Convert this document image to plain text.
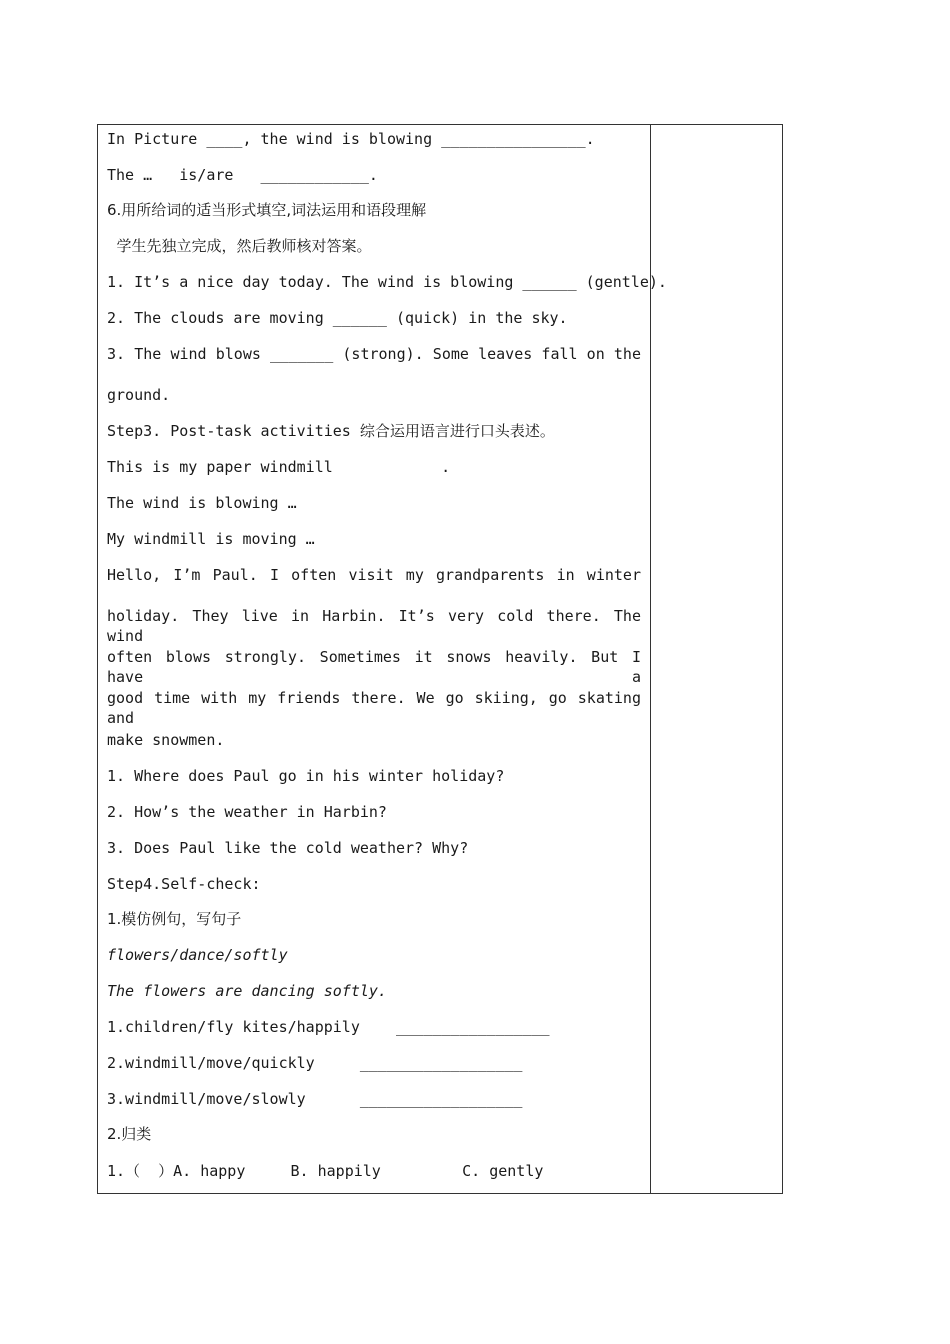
In Picture ____, the wind is blowing ________________.
The …   is/are   ____________.
6.用所给词的适当形式填空,词法运用和语段理解
学生先独立完成，然后教师核对答案。
1. It’s a nice day today. The wind is blowing ______ (gentle).
2. The clouds are moving ______ (quick) in the sky.
3. The wind blows _______ (strong). Some leaves fall on the
ground.
Step3. Post-task activities 综合运用语言进行口头表述。
This is my paper windmill            .
The wind is blowing …
My windmill is moving …
Hello, I’m Paul. I often visit my grandparents in winter
holiday. They live in Harbin. It’s very cold there. The wind
often blows strongly. Sometimes it snows heavily. But I have a
good time with my friends there. We go skiing, go skating and
make snowmen.
1. Where does Paul go in his winter holiday?
2. How’s the weather in Harbin?
3. Does Paul like the cold weather? Why?
Step4.Self-check:
1.模仿例句，写句子
flowers/dance/softly
The flowers are dancing softly.
1.children/fly kites/happily    _________________
2.windmill/move/quickly     __________________
3.windmill/move/slowly      __________________
2.归类
1.（  ）A. happy     B. happily         C. gently
